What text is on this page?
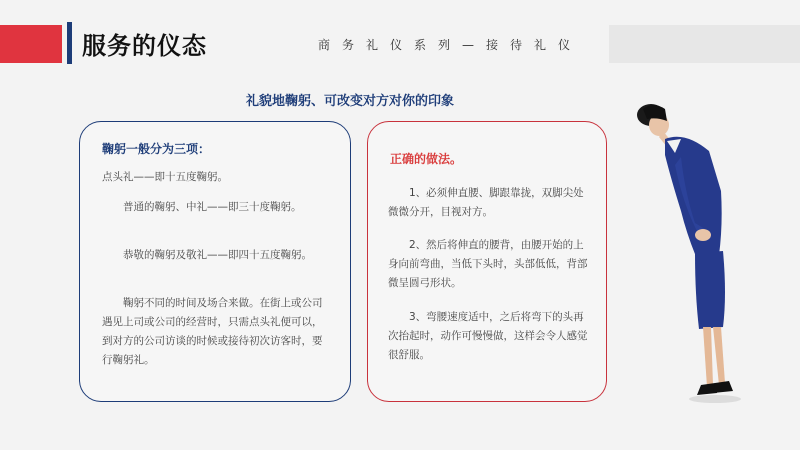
服务的仪态	商务礼仪系列—接待礼仪
礼貌地鞠躬、可改变对方对你的印象

鞠躬一般分为三项：

点头礼——即十五度鞠躬。

普通的鞠躬、中礼——即三十度鞠躬。

恭敬的鞠躬及敬礼——即四十五度鞠躬。

鞠躬不同的时间及场合来做。在街上或公司遇见上司或公司的经营时，只需点头礼便可以，到对方的公司访谈的时候或接待初次访客时，要行鞠躬礼。

正确的做法。

1、必须伸直腰、脚跟靠拢，双脚尖处微微分开，目视对方。

2、然后将伸直的腰背，由腰开始的上身向前弯曲，当低下头时，头部低低，背部微呈圆弓形状。

3、弯腰速度适中，之后将弯下的头再次抬起时，动作可慢慢做，这样会令人感觉很舒服。
